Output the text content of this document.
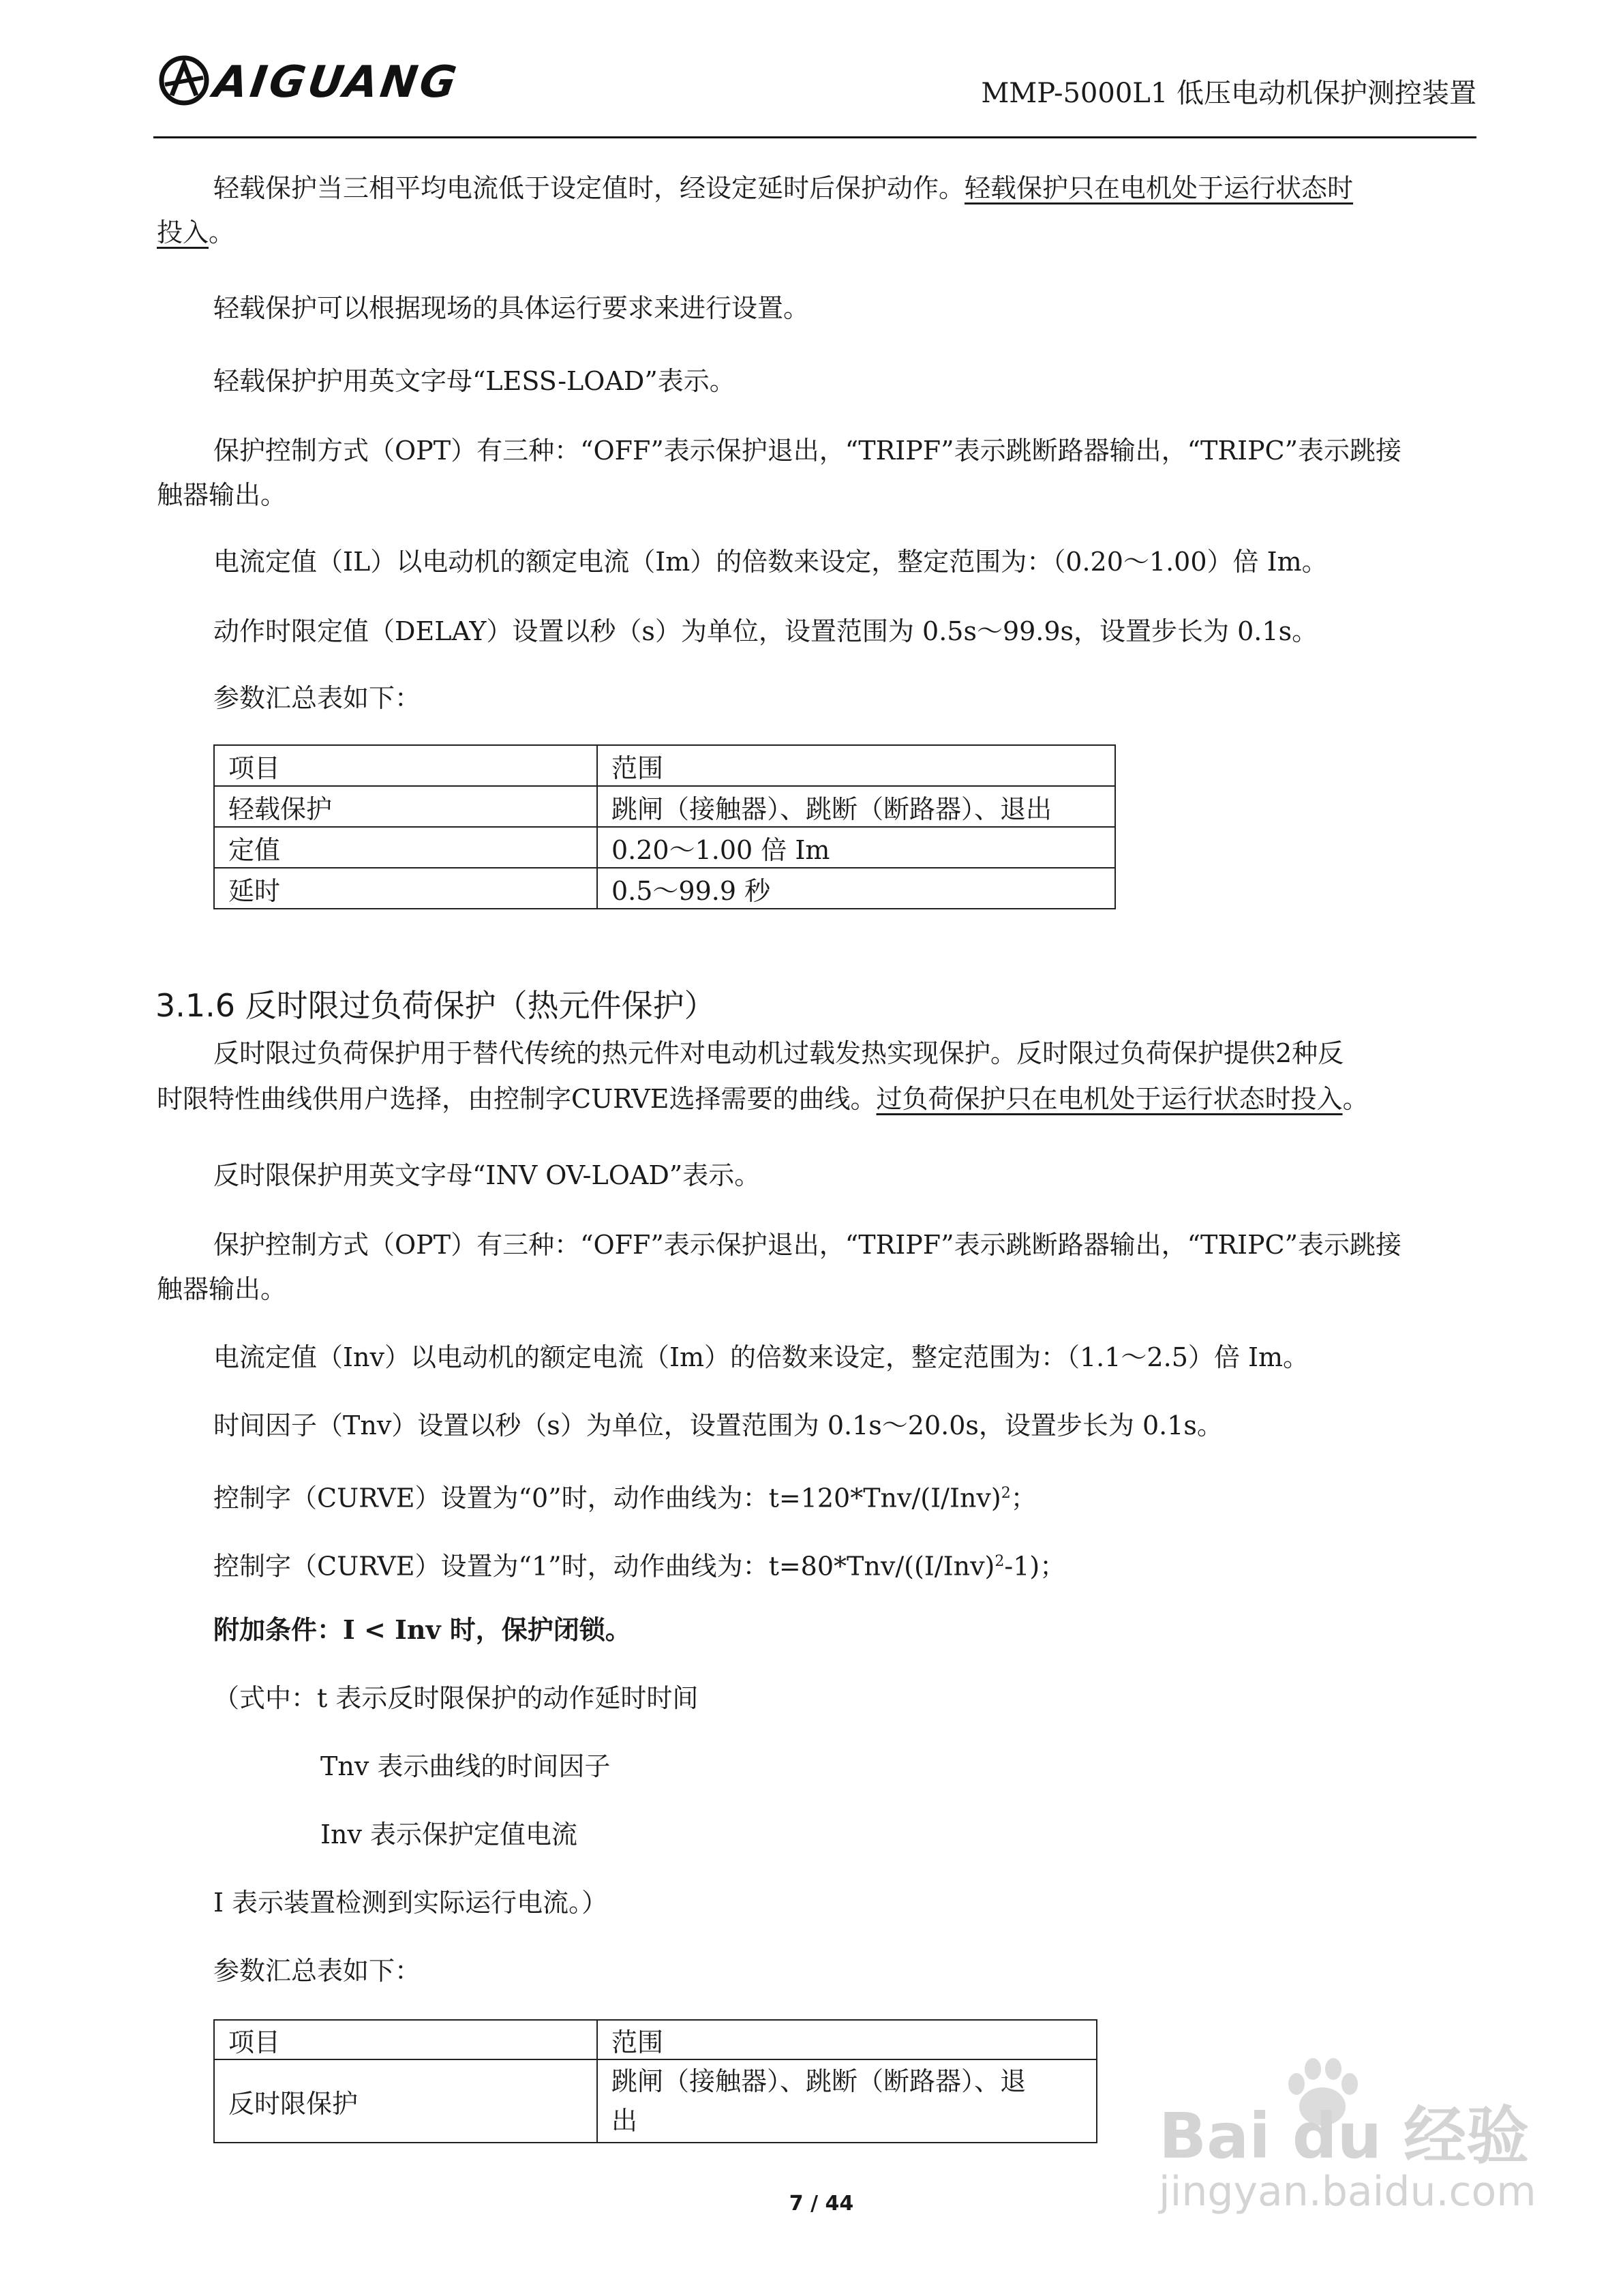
AIGUANG	MMP-5000L1 低压电动机保护测控装置
轻载保护当三相平均电流低于设定值时，经设定延时后保护动作。轻载保护只在电机处于运行状态时
投入。
轻载保护可以根据现场的具体运行要求来进行设置。
轻载保护护用英文字母“LESS-LOAD”表示。
保护控制方式（OPT）有三种：“OFF”表示保护退出，“TRIPF”表示跳断路器输出，“TRIPC”表示跳接
触器输出。
电流定值（IL）以电动机的额定电流（Im）的倍数来设定，整定范围为：（0.20～1.00）倍 Im。
动作时限定值（DELAY）设置以秒（s）为单位，设置范围为 0.5s～99.9s，设置步长为 0.1s。
参数汇总表如下：
项目	范围
轻载保护	跳闸（接触器）、跳断（断路器）、退出
定值	0.20～1.00 倍 Im
延时	0.5～99.9 秒
3.1.6 反时限过负荷保护（热元件保护）
反时限过负荷保护用于替代传统的热元件对电动机过载发热实现保护。反时限过负荷保护提供2种反
时限特性曲线供用户选择，由控制字CURVE选择需要的曲线。过负荷保护只在电机处于运行状态时投入。
反时限保护用英文字母“INV OV-LOAD”表示。
保护控制方式（OPT）有三种：“OFF”表示保护退出，“TRIPF”表示跳断路器输出，“TRIPC”表示跳接
触器输出。
电流定值（Inv）以电动机的额定电流（Im）的倍数来设定，整定范围为：（1.1～2.5）倍 Im。
时间因子（Tnv）设置以秒（s）为单位，设置范围为 0.1s～20.0s，设置步长为 0.1s。
控制字（CURVE）设置为“0”时，动作曲线为：$t=120*Tnv/(I/Inv)^2$；
控制字（CURVE）设置为“1”时，动作曲线为：$t=80*Tnv/((I/Inv)^2-1)$；
附加条件：I < Inv 时，保护闭锁。
（式中：t 表示反时限保护的动作延时时间
Tnv 表示曲线的时间因子
Inv 表示保护定值电流
I 表示装置检测到实际运行电流。）
参数汇总表如下：
项目	范围
反时限保护	跳闸（接触器）、跳断（断路器）、退
出
7 / 44
Bai du 经验
jingyan.baidu.com
